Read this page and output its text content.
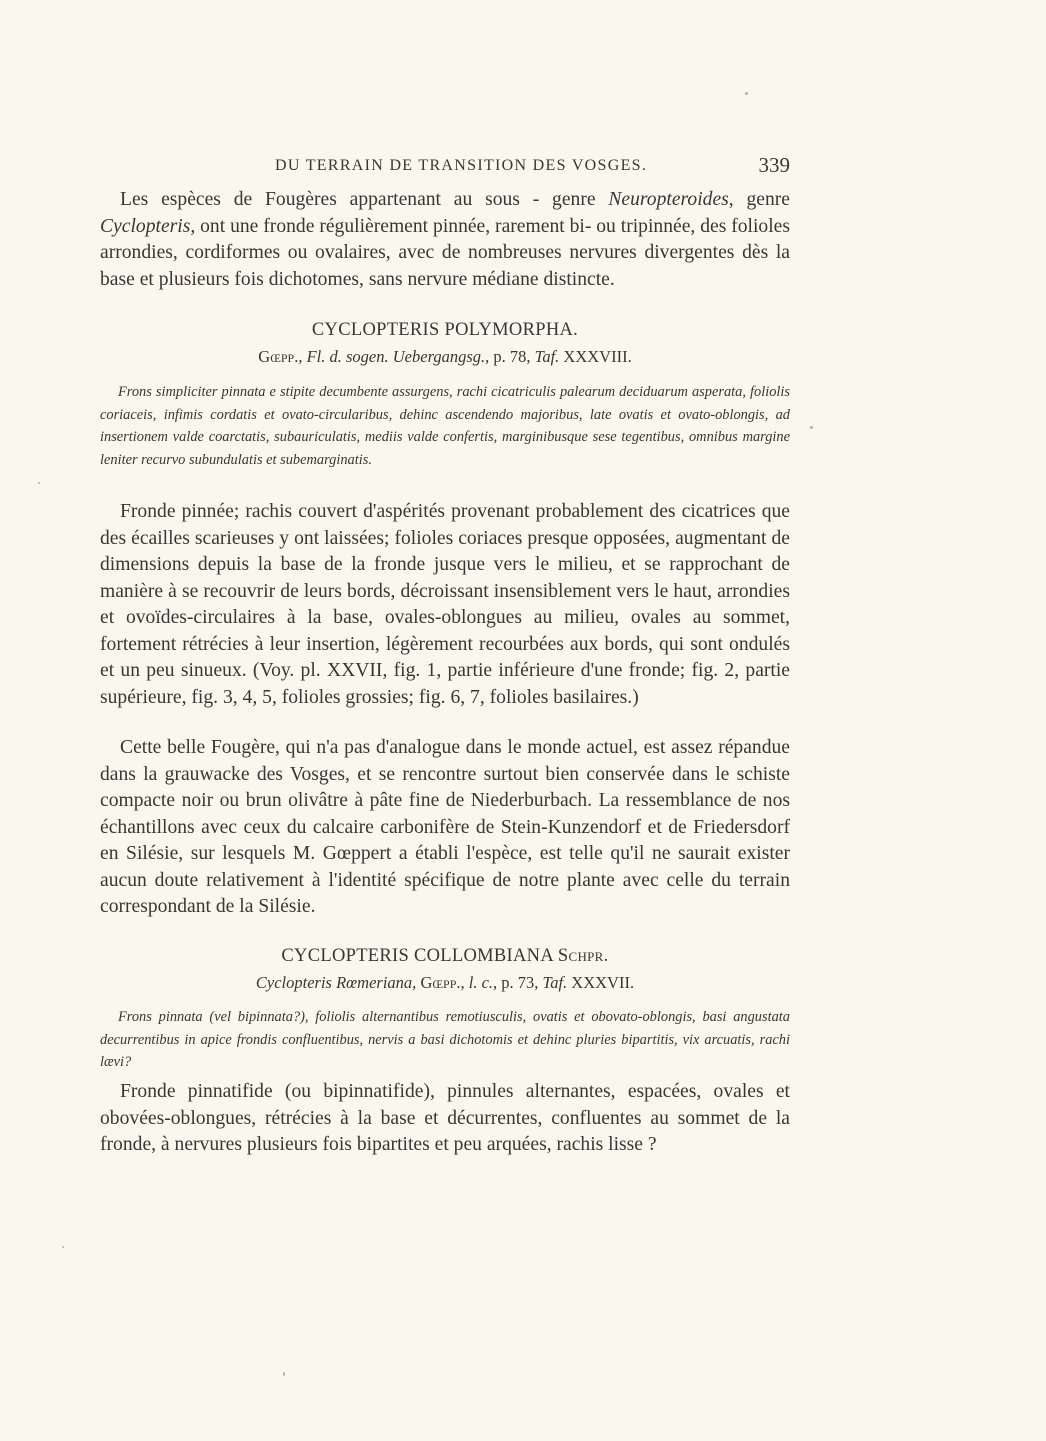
DU TERRAIN DE TRANSITION DES VOSGES.	339

Les espèces de Fougères appartenant au sous - genre Neuropteroides, genre Cyclopteris, ont une fronde régulièrement pinnée, rarement bi- ou tripinnée, des folioles arrondies, cordiformes ou ovalaires, avec de nombreuses nervures divergentes dès la base et plusieurs fois dichotomes, sans nervure médiane distincte.

CYCLOPTERIS POLYMORPHA.

Gœpp., Fl. d. sogen. Uebergangsg., p. 78, Taf. XXXVIII.

Frons simpliciter pinnata e stipite decumbente assurgens, rachi cicatriculis palearum deciduarum asperata, foliolis coriaceis, infimis cordatis et ovato-circularibus, dehinc ascendendo majoribus, late ovatis et ovato-oblongis, ad insertionem valde coarctatis, subauriculatis, mediis valde confertis, marginibusque sese tegentibus, omnibus margine leniter recurvo subundulatis et subemarginatis.

Fronde pinnée; rachis couvert d'aspérités provenant probablement des cicatrices que des écailles scarieuses y ont laissées; folioles coriaces presque opposées, augmentant de dimensions depuis la base de la fronde jusque vers le milieu, et se rapprochant de manière à se recouvrir de leurs bords, décroissant insensiblement vers le haut, arrondies et ovoïdes-circulaires à la base, ovales-oblongues au milieu, ovales au sommet, fortement rétrécies à leur insertion, légèrement recourbées aux bords, qui sont ondulés et un peu sinueux. (Voy. pl. XXVII, fig. 1, partie inférieure d'une fronde; fig. 2, partie supérieure, fig. 3, 4, 5, folioles grossies; fig. 6, 7, folioles basilaires.)

Cette belle Fougère, qui n'a pas d'analogue dans le monde actuel, est assez répandue dans la grauwacke des Vosges, et se rencontre surtout bien conservée dans le schiste compacte noir ou brun olivâtre à pâte fine de Niederburbach. La ressemblance de nos échantillons avec ceux du calcaire carbonifère de Stein-Kunzendorf et de Friedersdorf en Silésie, sur lesquels M. Gœppert a établi l'espèce, est telle qu'il ne saurait exister aucun doute relativement à l'identité spécifique de notre plante avec celle du terrain correspondant de la Silésie.

CYCLOPTERIS COLLOMBIANA Schpr.

Cyclopteris Rœmeriana, Gœpp., l. c., p. 73, Taf. XXXVII.

Frons pinnata (vel bipinnata?), foliolis alternantibus remotiusculis, ovatis et obovato-oblongis, basi angustata decurrentibus in apice frondis confluentibus, nervis a basi dichotomis et dehinc pluries bipartitis, vix arcuatis, rachi lævi?

Fronde pinnatifide (ou bipinnatifide), pinnules alternantes, espacées, ovales et obovées-oblongues, rétrécies à la base et décurrentes, confluentes au sommet de la fronde, à nervures plusieurs fois bipartites et peu arquées, rachis lisse ?
